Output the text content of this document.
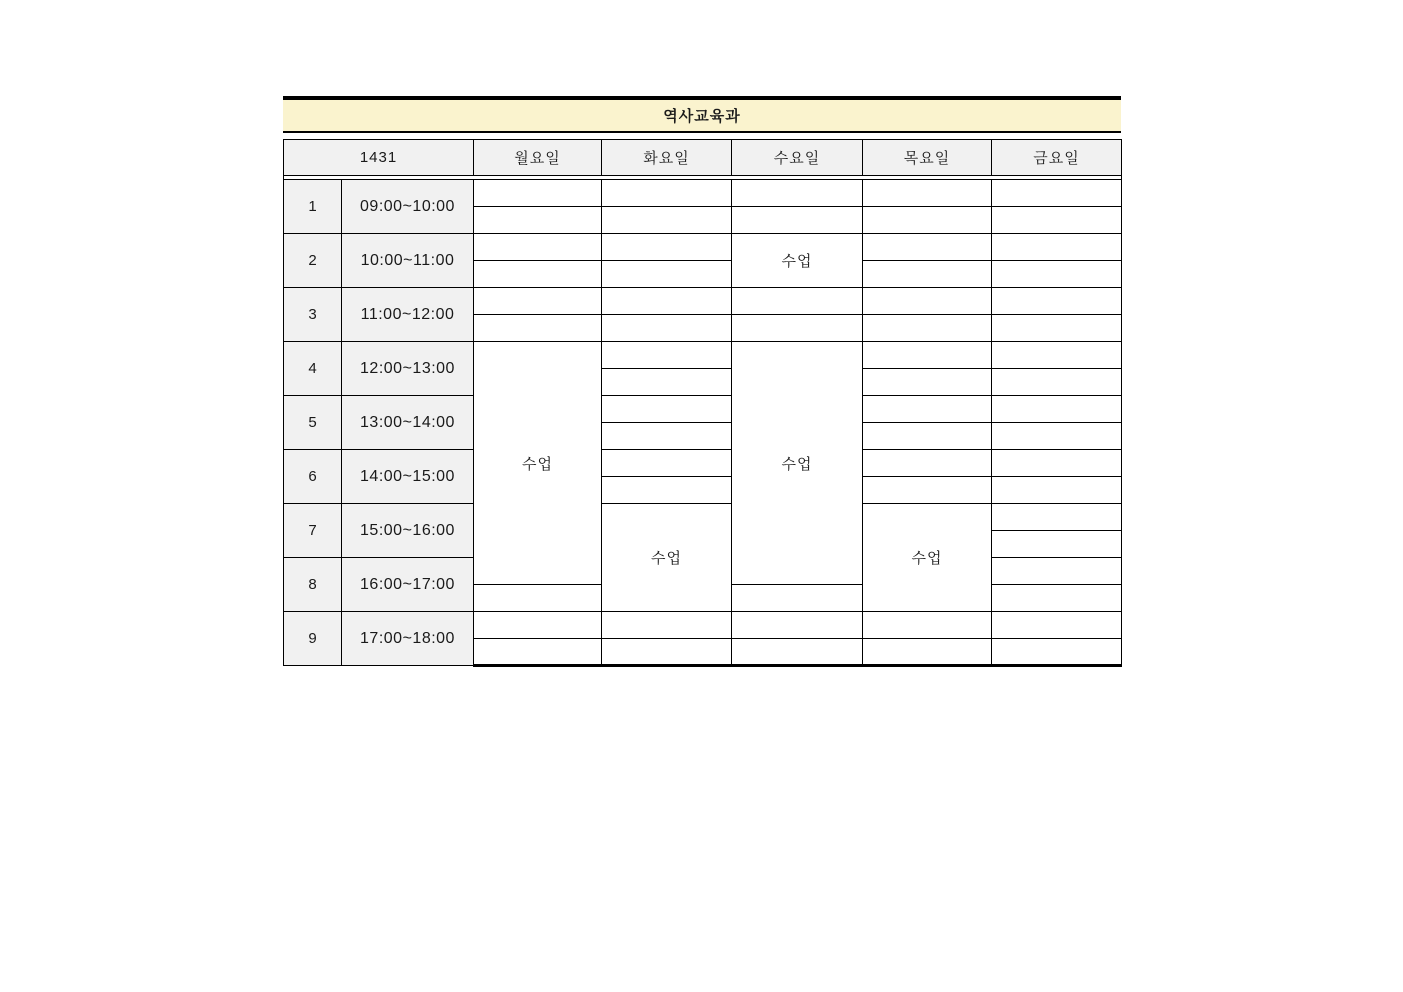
역사교육과
1431		월요일	화요일	수요일	목요일	금요일

1	09:00~10:00					

2	10:00~11:00			수업		

3	11:00~12:00					

4	12:00~13:00	수업		수업		

5	13:00~14:00					

6	14:00~15:00					

7	15:00~16:00		수업		수업	

8	16:00~17:00					

9	17:00~18:00					
